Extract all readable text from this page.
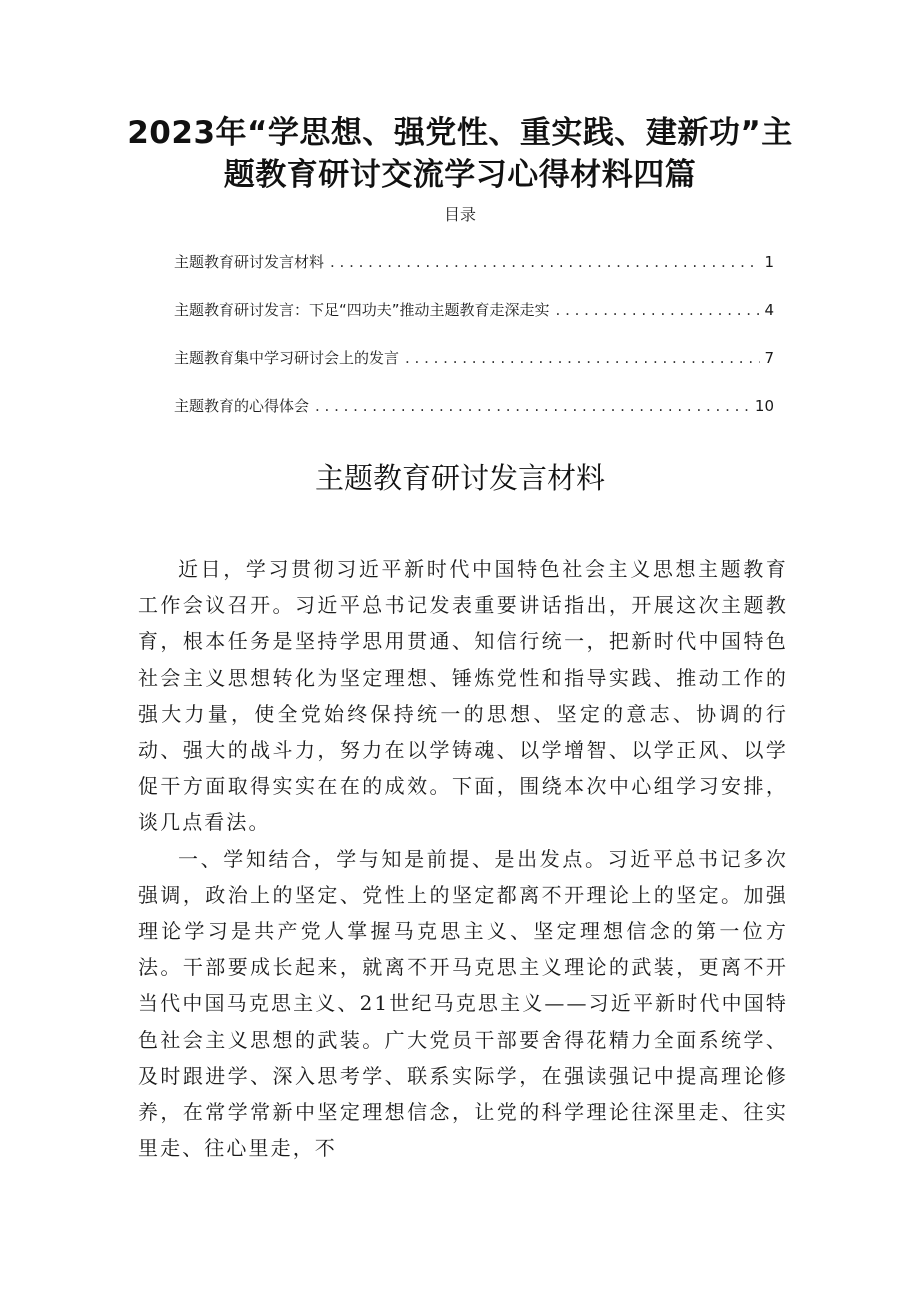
2023年“学思想、强党性、重实践、建新功”主题教育研讨交流学习心得材料四篇
目录
主题教育研讨发言材料 . . .	1
主题教育研讨发言：下足“四功夫”推动主题教育走深走实 . . .	4
主题教育集中学习研讨会上的发言 . . .	7
主题教育的心得体会 . . .	10
主题教育研讨发言材料

近日，学习贯彻习近平新时代中国特色社会主义思想主题教育工作会议召开。习近平总书记发表重要讲话指出，开展这次主题教育，根本任务是坚持学思用贯通、知信行统一，把新时代中国特色社会主义思想转化为坚定理想、锤炼党性和指导实践、推动工作的强大力量，使全党始终保持统一的思想、坚定的意志、协调的行动、强大的战斗力，努力在以学铸魂、以学增智、以学正风、以学促干方面取得实实在在的成效。下面，围绕本次中心组学习安排，谈几点看法。

一、学知结合，学与知是前提、是出发点。习近平总书记多次强调，政治上的坚定、党性上的坚定都离不开理论上的坚定。加强理论学习是共产党人掌握马克思主义、坚定理想信念的第一位方法。干部要成长起来，就离不开马克思主义理论的武装，更离不开当代中国马克思主义、21世纪马克思主义——习近平新时代中国特色社会主义思想的武装。广大党员干部要舍得花精力全面系统学、及时跟进学、深入思考学、联系实际学，在强读强记中提高理论修养，在常学常新中坚定理想信念，让党的科学理论往深里走、往实里走、往心里走，不
